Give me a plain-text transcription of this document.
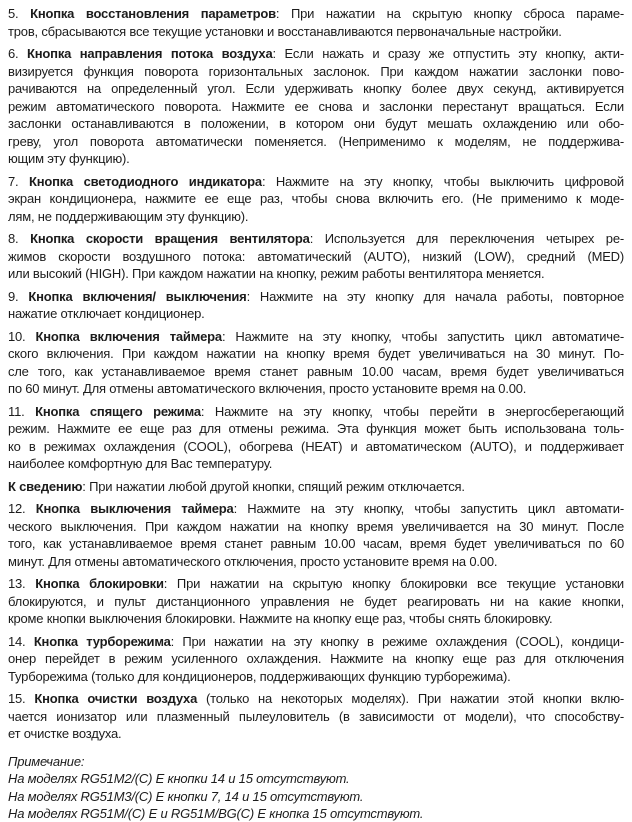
5. Кнопка восстановления параметров: При нажатии на скрытую кнопку сброса параме-
тров, сбрасываются все текущие установки и восстанавливаются первоначальные настройки.
6. Кнопка направления потока воздуха: Если нажать и сразу же отпустить эту кнопку, акти-
визируется функция поворота горизонтальных заслонок. При каждом нажатии заслонки пово-
рачиваются на определенный угол. Если удерживать кнопку более двух секунд, активируется
режим автоматического поворота. Нажмите ее снова и заслонки перестанут вращаться. Если
заслонки останавливаются в положении, в котором они будут мешать охлаждению или обо-
греву, угол поворота автоматически поменяется. (Неприменимо к моделям, не поддержива-
ющим эту функцию).
7. Кнопка светодиодного индикатора: Нажмите на эту кнопку, чтобы выключить цифровой
экран кондиционера, нажмите ее еще раз, чтобы снова включить его. (Не применимо к моде-
лям, не поддерживающим эту функцию).
8. Кнопка скорости вращения вентилятора: Используется для переключения четырех ре-
жимов скорости воздушного потока: автоматический (AUTO), низкий (LOW), средний (MED)
или высокий (HIGH). При каждом нажатии на кнопку, режим работы вентилятора меняется.
9. Кнопка включения/ выключения: Нажмите на эту кнопку для начала работы, повторное
нажатие отключает кондиционер.
10. Кнопка включения таймера: Нажмите на эту кнопку, чтобы запустить цикл автоматиче-
ского включения. При каждом нажатии на кнопку время будет увеличиваться на 30 минут. По-
сле того, как устанавливаемое время станет равным 10.00 часам, время будет увеличиваться
по 60 минут. Для отмены автоматического включения, просто установите время на 0.00.
11. Кнопка спящего режима: Нажмите на эту кнопку, чтобы перейти в энергосберегающий
режим. Нажмите ее еще раз для отмены режима. Эта функция может быть использована толь-
ко в режимах охлаждения (COOL), обогрева (HEAT) и автоматическом (AUTO), и поддерживает
наиболее комфортную для Вас температуру.
К сведению: При нажатии любой другой кнопки, спящий режим отключается.
12. Кнопка выключения таймера: Нажмите на эту кнопку, чтобы запустить цикл автомати-
ческого выключения. При каждом нажатии на кнопку время увеличивается на 30 минут. После
того, как устанавливаемое время станет равным 10.00 часам, время будет увеличиваться по 60
минут. Для отмены автоматического отключения, просто установите время на 0.00.
13. Кнопка блокировки: При нажатии на скрытую кнопку блокировки все текущие установки
блокируются, и пульт дистанционного управления не будет реагировать ни на какие кнопки,
кроме кнопки выключения блокировки. Нажмите на кнопку еще раз, чтобы снять блокировку.
14. Кнопка турборежима: При нажатии на эту кнопку в режиме охлаждения (COOL), кондици-
онер перейдет в режим усиленного охлаждения. Нажмите на кнопку еще раз для отключения
Турборежима (только для кондиционеров, поддерживающих функцию турборежима).
15. Кнопка очистки воздуха (только на некоторых моделях). При нажатии этой кнопки вклю-
чается ионизатор или плазменный пылеуловитель (в зависимости от модели), что способству-
ет очистке воздуха.
Примечание:
На моделях RG51M2/(C) E кнопки 14 и 15 отсутствуют.
На моделях RG51M3/(C) E кнопки 7, 14 и 15 отсутствуют.
На моделях RG51M/(C) E и RG51M/BG(C) E кнопка 15 отсутствуют.
